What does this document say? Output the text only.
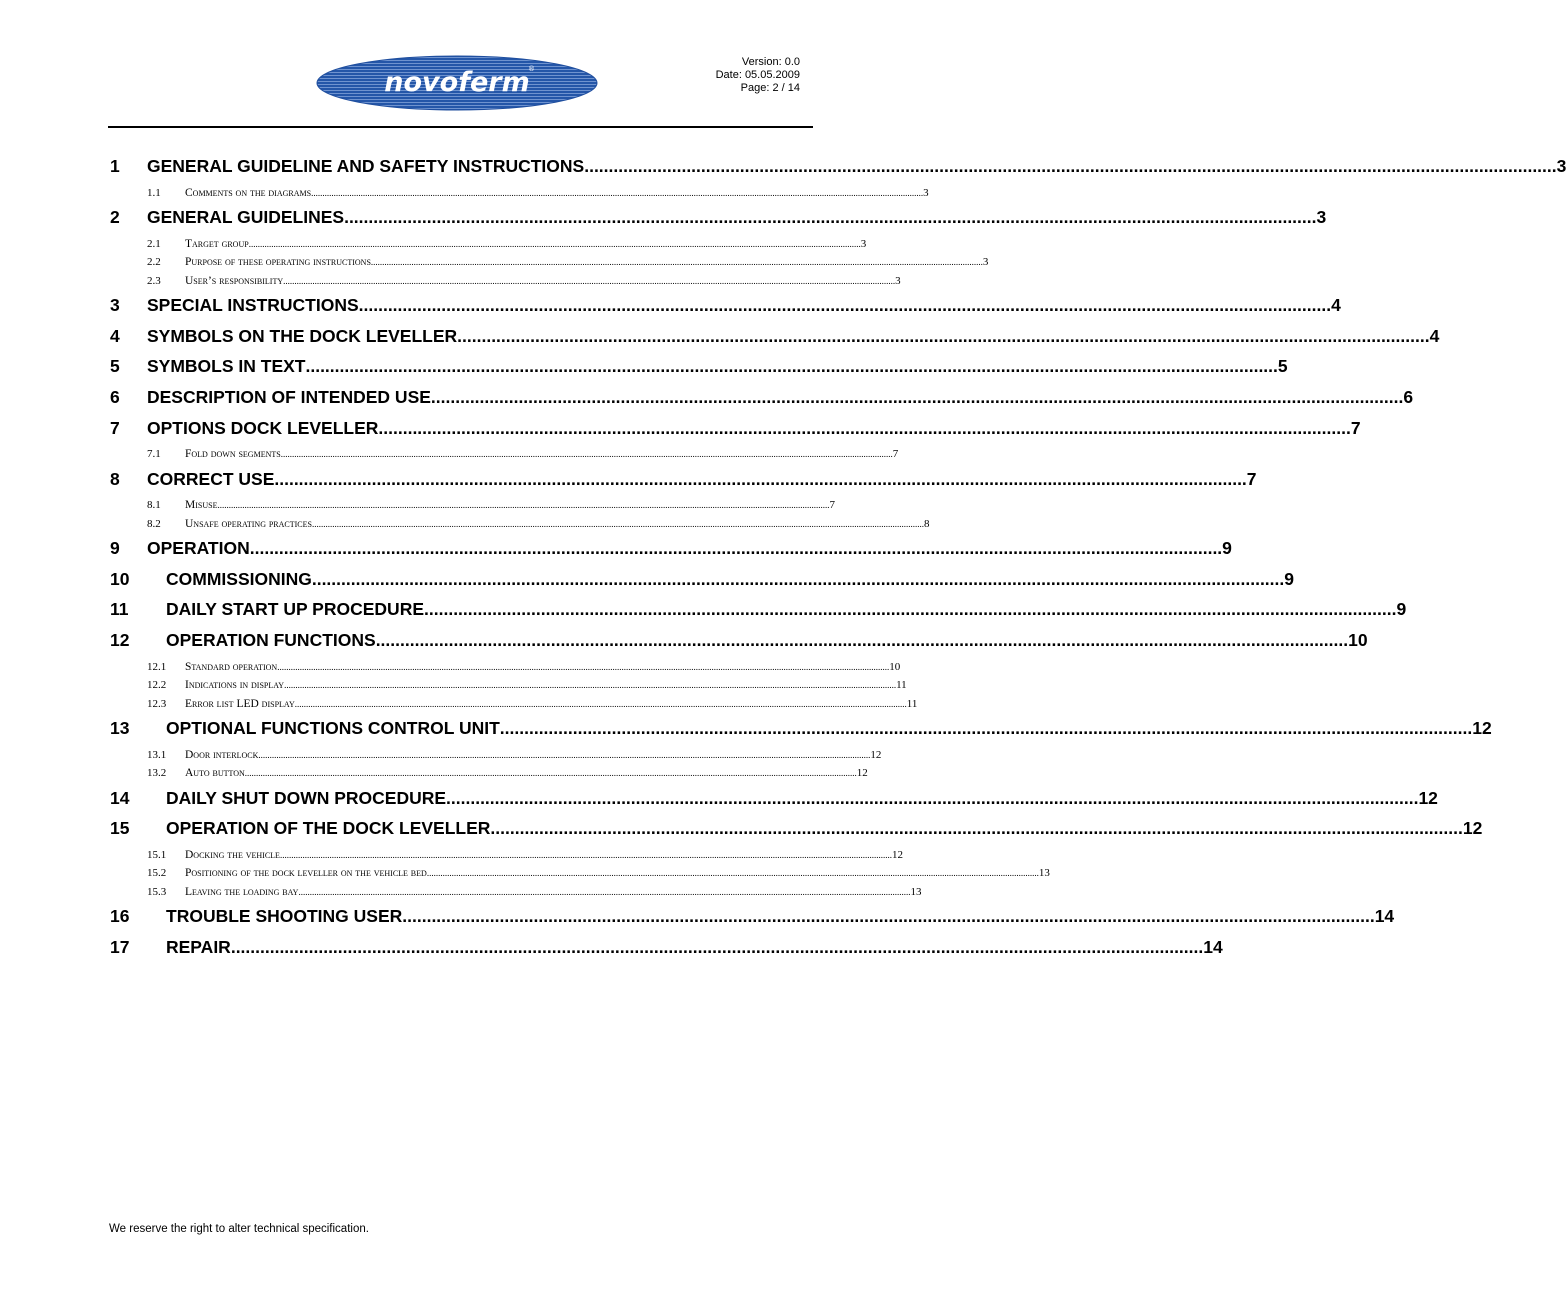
novoferm
®
Version: 0.0
Date: 05.05.2009
Page: 2 / 14
1	GENERAL GUIDELINE AND SAFETY INSTRUCTIONS .....	3
1.1	Comments on the diagrams .....	3
2	GENERAL GUIDELINES .....	3
2.1	Target group .....	3
2.2	Purpose of these operating instructions .....	3
2.3	User’s responsibility .....	3
3	SPECIAL INSTRUCTIONS .....	4
4	SYMBOLS ON THE DOCK LEVELLER .....	4
5	SYMBOLS IN TEXT .....	5
6	DESCRIPTION OF INTENDED USE .....	6
7	OPTIONS DOCK LEVELLER .....	7
7.1	Fold down segments .....	7
8	CORRECT USE .....	7
8.1	Misuse .....	7
8.2	Unsafe operating practices .....	8
9	OPERATION .....	9
10	COMMISSIONING .....	9
11	DAILY START UP PROCEDURE .....	9
12	OPERATION FUNCTIONS .....	10
12.1	Standard operation .....	10
12.2	Indications in display .....	11
12.3	Error list LED display .....	11
13	OPTIONAL FUNCTIONS CONTROL UNIT .....	12
13.1	Door interlock .....	12
13.2	Auto button .....	12
14	DAILY SHUT DOWN PROCEDURE .....	12
15	OPERATION OF THE DOCK LEVELLER .....	12
15.1	Docking the vehicle .....	12
15.2	Positioning of the dock leveller on the vehicle bed .....	13
15.3	Leaving the loading bay .....	13
16	TROUBLE SHOOTING USER .....	14
17	REPAIR .....	14
We reserve the right to alter technical specification.
